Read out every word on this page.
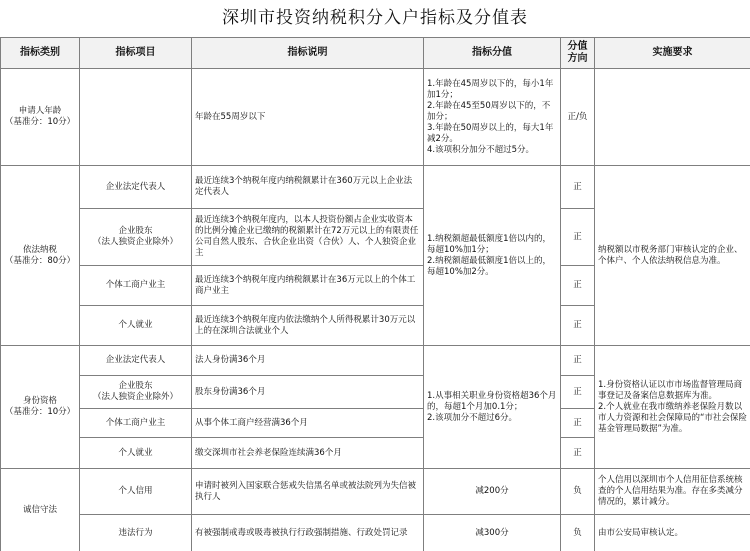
深圳市投资纳税积分入户指标及分值表
指标类别	指标项目	指标说明	指标分值	分值方向	实施要求

申请人年龄
（基准分：10分）		年龄在55周岁以下	1.年龄在45周岁以下的，每小1年加1分；
2.年龄在45至50周岁以下的，不加分；
3.年龄在50周岁以上的，每大1年减2分。
4.该项积分加分不超过5分。	正/负	

依法纳税
（基准分：80分）	企业法定代表人	最近连续3个纳税年度内纳税额累计在360万元以上企业法定代表人	1.纳税额超最低额度1倍以内的，每超10%加1分；
2.纳税额超最低额度1倍以上的，每超10%加2分。	正	纳税额以市税务部门审核认定的企业、个体户、个人依法纳税信息为准。

	企业股东
（法人独资企业除外）	最近连续3个纳税年度内，以本人投资份额占企业实收资本的比例分摊企业已缴纳的税额累计在72万元以上的有限责任公司自然人股东、合伙企业出资（合伙）人、个人独资企业主		正	
	个体工商户业主	最近连续3个纳税年度内纳税额累计在36万元以上的个体工商户业主		正	
	个人就业	最近连续3个纳税年度内依法缴纳个人所得税累计30万元以上的在深圳合法就业个人		正	

身份资格
（基准分：10分）	企业法定代表人	法人身份满36个月	1.从事相关职业身份资格超36个月的，每超1个月加0.1分；
2.该项加分不超过6分。	正	1.身份资格认证以市市场监督管理局商事登记及备案信息数据库为准。
2.个人就业在我市缴纳养老保险月数以市人力资源和社会保障局的“市社会保险基金管理局数据”为准。

	企业股东
（法人独资企业除外）	股东身份满36个月		正	
	个体工商户业主	从事个体工商户经营满36个月		正	
	个人就业	缴交深圳市社会养老保险连续满36个月		正	

诚信守法	个人信用	申请时被列入国家联合惩戒失信黑名单或被法院列为失信被执行人	减200分	负	个人信用以深圳市个人信用征信系统核查的个人信用结果为准。存在多类减分情况的，累计减分。
	违法行为	有被强制戒毒或吸毒被执行行政强制措施、行政处罚记录	减300分	负	由市公安局审核认定。
